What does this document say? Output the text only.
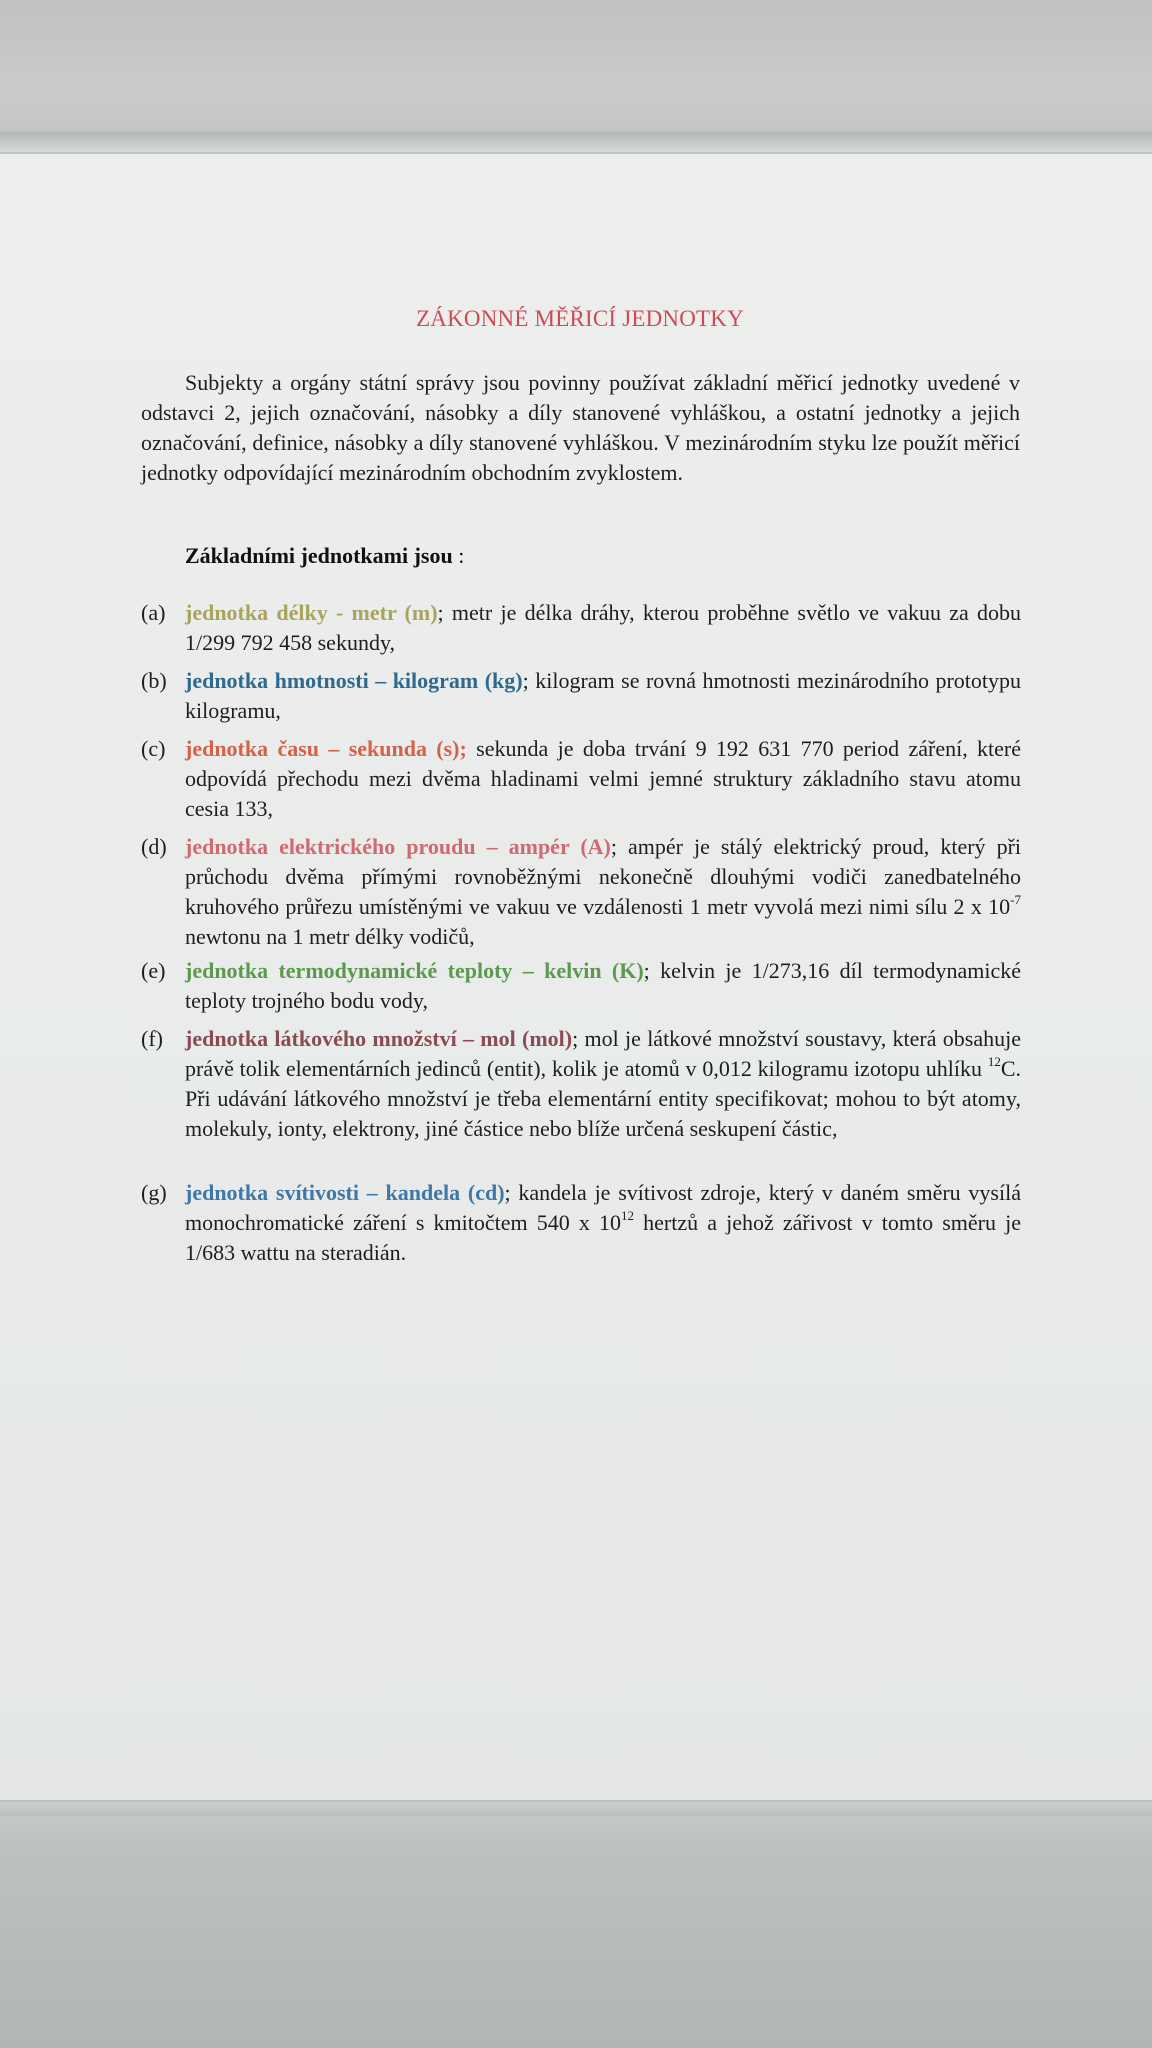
ZÁKONNÉ MĚŘICÍ JEDNOTKY

Subjekty a orgány státní správy jsou povinny používat základní měřicí jednotky uvedené v odstavci 2, jejich označování, násobky a díly stanovené vyhláškou, a ostatní jednotky a jejich označování, definice, násobky a díly stanovené vyhláškou. V mezinárodním styku lze použít měřicí jednotky odpovídající mezinárodním obchodním zvyklostem.

Základními jednotkami jsou :

(a) jednotka délky - metr (m); metr je délka dráhy, kterou proběhne světlo ve vakuu za dobu 1/299 792 458 sekundy,
(b) jednotka hmotnosti – kilogram (kg); kilogram se rovná hmotnosti mezinárodního prototypu kilogramu,
(c) jednotka času – sekunda (s); sekunda je doba trvání 9 192 631 770 period záření, které odpovídá přechodu mezi dvěma hladinami velmi jemné struktury základního stavu atomu cesia 133,
(d) jednotka elektrického proudu – ampér (A); ampér je stálý elektrický proud, který při průchodu dvěma přímými rovnoběžnými nekonečně dlouhými vodiči zanedbatelného kruhového průřezu umístěnými ve vakuu ve vzdálenosti 1 metr vyvolá mezi nimi sílu 2 x $10^{-7}$ newtonu na 1 metr délky vodičů,
(e) jednotka termodynamické teploty – kelvin (K); kelvin je 1/273,16 díl termodynamické teploty trojného bodu vody,
(f) jednotka látkového množství – mol (mol); mol je látkové množství soustavy, která obsahuje právě tolik elementárních jedinců (entit), kolik je atomů v 0,012 kilogramu izotopu uhlíku $^{12}$C. Při udávání látkového množství je třeba elementární entity specifikovat; mohou to být atomy, molekuly, ionty, elektrony, jiné částice nebo blíže určená seskupení částic,
(g) jednotka svítivosti – kandela (cd); kandela je svítivost zdroje, který v daném směru vysílá monochromatické záření s kmitočtem 540 x $10^{12}$ hertzů a jehož zářivost v tomto směru je 1/683 wattu na steradián.
